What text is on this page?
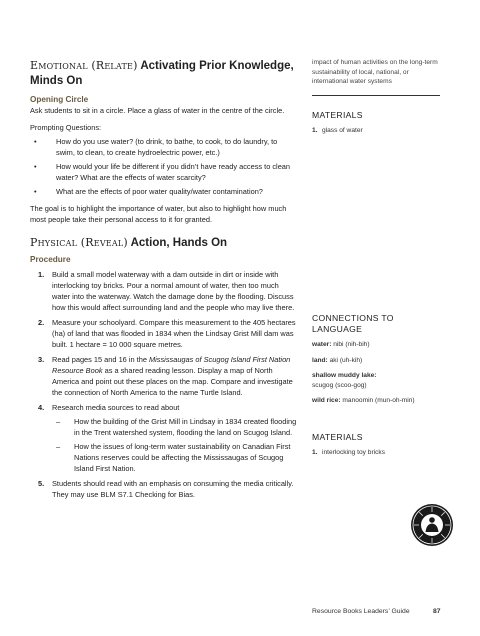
Emotional (Relate) Activating Prior Knowledge,
Minds On
Opening Circle
Ask students to sit in a circle. Place a glass of water in the centre of the circle.
Prompting Questions:
•	How do you use water? (to drink, to bathe, to cook, to do laundry, to swim, to clean, to create hydroelectric power, etc.)
•	How would your life be different if you didn’t have ready access to clean water? What are the effects of water scarcity?
•	What are the effects of poor water quality/water contamination?
The goal is to highlight the importance of water, but also to highlight how much most people take their personal access to it for granted.
Physical (Reveal) Action, Hands On
Procedure
1. Build a small model waterway with a dam outside in dirt or inside with interlocking toy bricks. Pour a normal amount of water, then too much water into the waterway. Watch the damage done by the flooding. Discuss how this would affect surrounding land and the people who may live there.
2. Measure your schoolyard. Compare this measurement to the 405 hectares (ha) of land that was flooded in 1834 when the Lindsay Grist Mill dam was built. 1 hectare = 10 000 square metres.
3. Read pages 15 and 16 in the Mississaugas of Scugog Island First Nation Resource Book as a shared reading lesson. Display a map of North America and point out these places on the map. Compare and investigate the connection of North America to the name Turtle Island.
4. Research media sources to read about
– How the building of the Grist Mill in Lindsay in 1834 created flooding in the Trent watershed system, flooding the land on Scugog Island.
– How the issues of long-term water sustainability on Canadian First Nations reserves could be affecting the Mississaugas of Scugog Island First Nation.
5. Students should read with an emphasis on consuming the media critically. They may use BLM S7.1 Checking for Bias.
impact of human activities on the long-term sustainability of local, national, or international water systems
MATERIALS
1. glass of water
CONNECTIONS TO LANGUAGE
water: nibi (nih-bih)
land: aki (uh-kih)
shallow muddy lake:
scugog (scoo-gog)
wild rice: manoomin (mun-oh-min)
MATERIALS
1. interlocking toy bricks
Resource Books Leaders’ Guide	87
